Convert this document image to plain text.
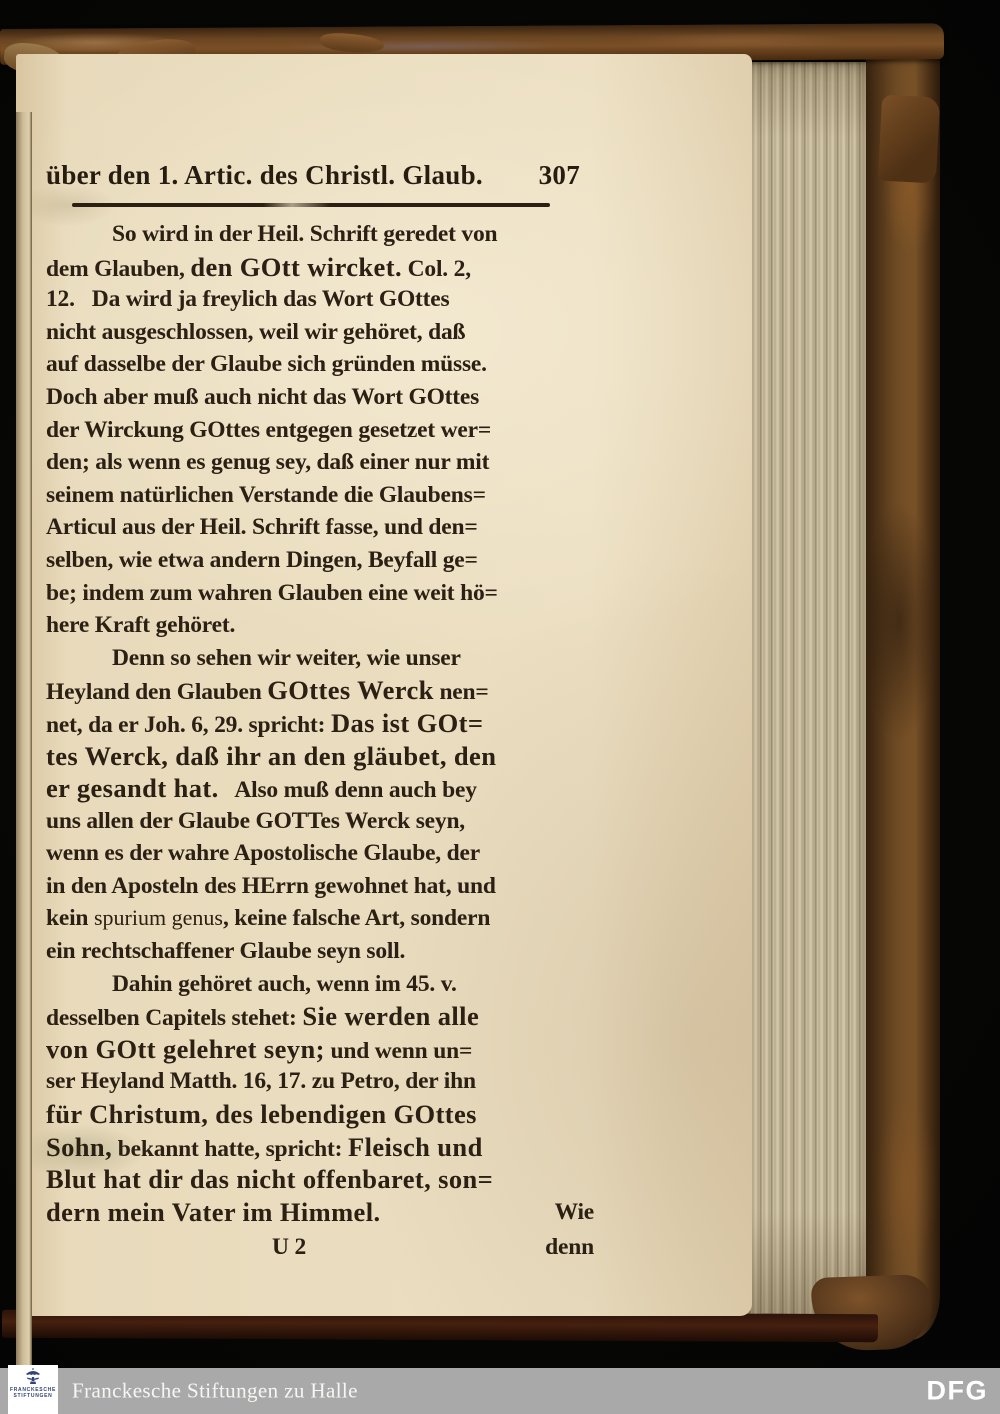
über den 1. Artic. des Christl. Glaub. 307
So wird in der Heil. Schrift geredet von
dem Glauben, den GOtt wircket. Col. 2,
12.   Da wird ja freylich das Wort GOttes
nicht ausgeschlossen, weil wir gehöret, daß
auf dasselbe der Glaube sich gründen müsse.
Doch aber muß auch nicht das Wort GOttes
der Wirckung GOttes entgegen gesetzet wer=
den; als wenn es genug sey, daß einer nur mit
seinem natürlichen Verstande die Glaubens=
Articul aus der Heil. Schrift fasse, und den=
selben, wie etwa andern Dingen, Beyfall ge=
be; indem zum wahren Glauben eine weit hö=
here Kraft gehöret.
Denn so sehen wir weiter, wie unser
Heyland den Glauben GOttes Werck nen=
net, da er Joh. 6, 29. spricht: Das ist GOt=
tes Werck, daß ihr an den gläubet, den
er gesandt hat.   Also muß denn auch bey
uns allen der Glaube GOTTes Werck seyn,
wenn es der wahre Apostolische Glaube, der
in den Aposteln des HErrn gewohnet hat, und
kein spurium genus, keine falsche Art, sondern
ein rechtschaffener Glaube seyn soll.
Dahin gehöret auch, wenn im 45. v.
desselben Capitels stehet: Sie werden alle
von GOtt gelehret seyn; und wenn un=
ser Heyland Matth. 16, 17. zu Petro, der ihn
für Christum, des lebendigen GOttes
Sohn, bekannt hatte, spricht: Fleisch und
Blut hat dir das nicht offenbaret, son=
dern mein Vater im Himmel.	Wie
U 2	denn
FRANCKESCHE
STIFTUNGEN Franckesche Stiftungen zu Halle	DFG
